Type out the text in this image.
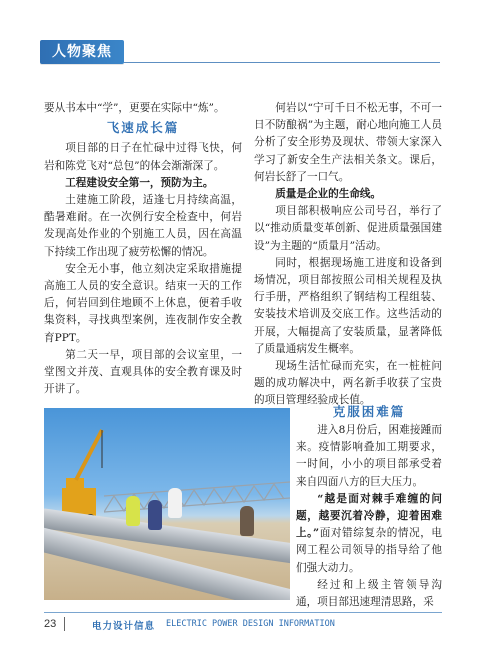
人物聚焦

要从书本中“学”，更要在实际中“炼”。

飞速成长篇

项目部的日子在忙碌中过得飞快，何岩和陈党飞对“总包”的体会渐渐深了。

工程建设安全第一，预防为主。

土建施工阶段，适逢七月持续高温，酷暑难耐。在一次例行安全检查中，何岩发现高处作业的个别施工人员，因在高温下持续工作出现了疲劳松懈的情况。

安全无小事，他立刻决定采取措施提高施工人员的安全意识。结束一天的工作后，何岩回到住地顾不上休息，便着手收集资料，寻找典型案例，连夜制作安全教育PPT。

第二天一早，项目部的会议室里，一堂图文并茂、直观具体的安全教育课及时开讲了。

何岩以“宁可千日不松无事，不可一日不防酿祸”为主题，耐心地向施工人员分析了安全形势及现状、带领大家深入学习了新安全生产法相关条文。课后，何岩长舒了一口气。

质量是企业的生命线。

项目部积极响应公司号召，举行了以“推动质量变革创新、促进质量强国建设”为主题的“质量月”活动。

同时，根据现场施工进度和设备到场情况，项目部按照公司相关规程及执行手册，严格组织了钢结构工程组装、安装技术培训及交底工作。这些活动的开展，大幅提高了安装质量，显著降低了质量通病发生概率。

现场生活忙碌而充实，在一桩桩问题的成功解决中，两名新手收获了宝贵的项目管理经验成长值。

克服困难篇

进入8月份后，困难接踵而来。疫情影响叠加工期要求，一时间，小小的项目部承受着来自四面八方的巨大压力。

“越是面对棘手难缠的问题，越要沉着冷静，迎着困难上。”面对错综复杂的情况，电网工程公司领导的指导给了他们强大动力。

经过和上级主管领导沟通，项目部迅速理清思路，采

23	电力设计信息 ELECTRIC POWER DESIGN INFORMATION
